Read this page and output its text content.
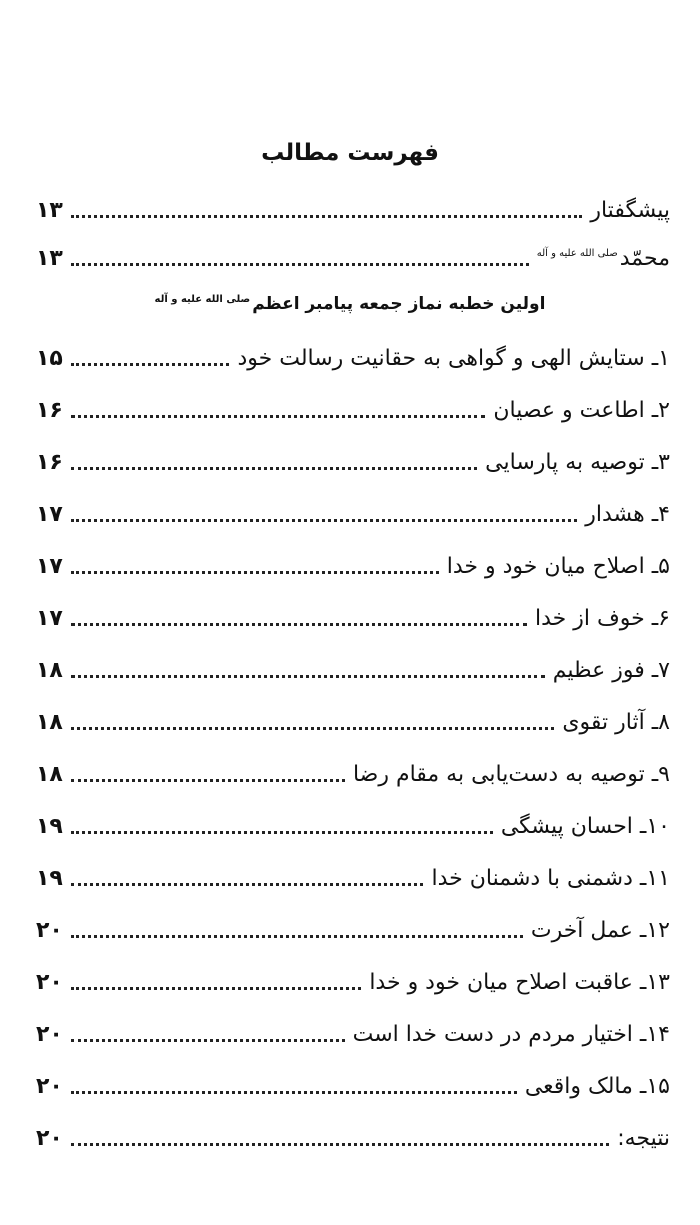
فهرست مطالب
پیشگفتار
۱۳
محمّدصلی الله علیه و آله
۱۳
اولین خطبه نماز جمعه پیامبر اعظمصلی الله علیه و آله
۱ـ ستایش الهی و گواهی به حقانیت رسالت خود
۱۵
۲ـ اطاعت و عصیان
۱۶
۳ـ توصیه به پارسایی
۱۶
۴ـ هشدار
۱۷
۵ـ اصلاح میان خود و خدا
۱۷
۶ـ خوف از خدا
۱۷
۷ـ فوز عظیم
۱۸
۸ـ آثار تقوی
۱۸
۹ـ توصیه به دست‌یابی به مقام رضا
۱۸
۱۰ـ احسان پیشگی
۱۹
۱۱ـ دشمنی با دشمنان خدا
۱۹
۱۲ـ عمل آخرت
۲۰
۱۳ـ عاقبت اصلاح میان خود و خدا
۲۰
۱۴ـ اختیار مردم در دست خدا است
۲۰
۱۵ـ مالک واقعی
۲۰
نتیجه:
۲۰
